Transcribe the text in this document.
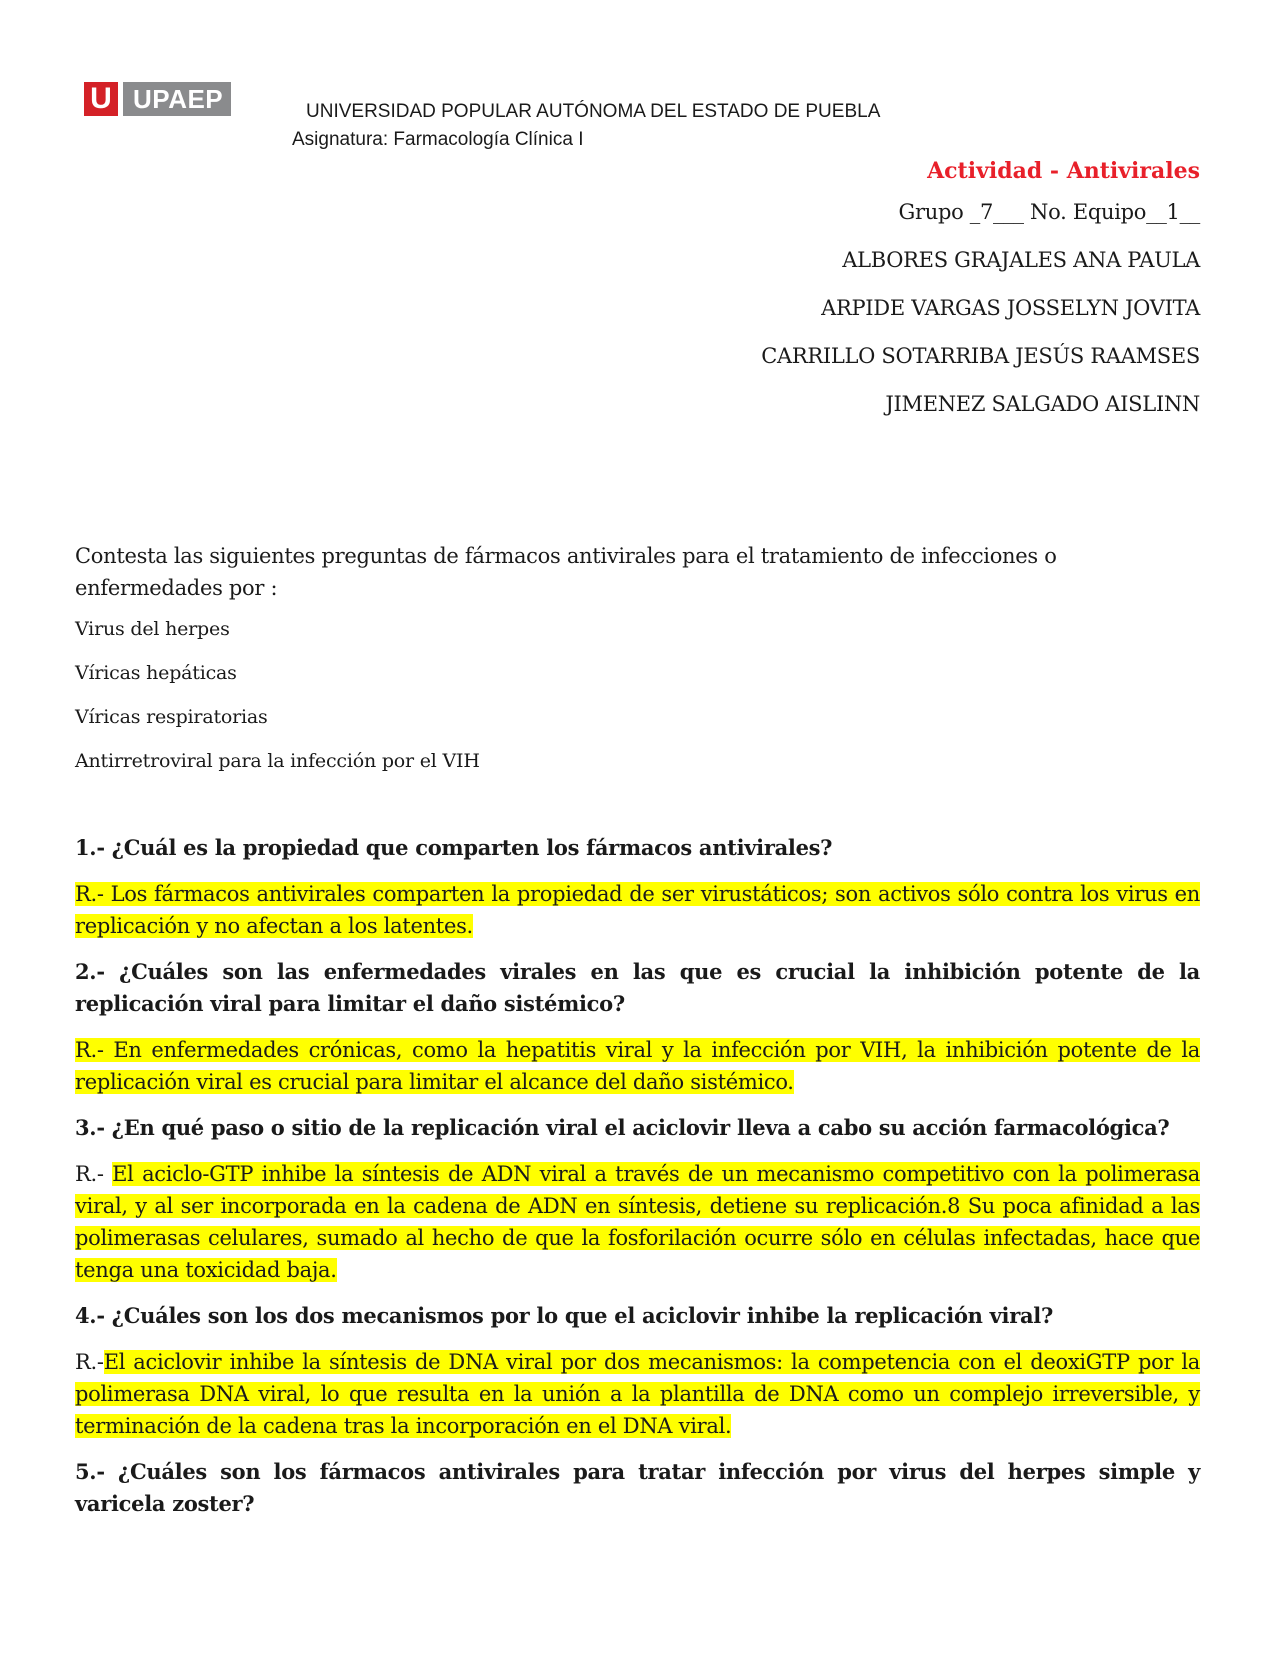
U UPAEP	UNIVERSIDAD POPULAR AUTÓNOMA DEL ESTADO DE PUEBLA
Asignatura: Farmacología Clínica I
Actividad - Antivirales
Grupo _7___ No. Equipo__1__
ALBORES GRAJALES ANA PAULA
ARPIDE VARGAS JOSSELYN JOVITA
CARRILLO SOTARRIBA JESÚS RAAMSES
JIMENEZ SALGADO AISLINN

Contesta las siguientes preguntas de fármacos antivirales para el tratamiento de infecciones o enfermedades por :

Virus del herpes

Víricas hepáticas

Víricas respiratorias

Antirretroviral para la infección por el VIH

1.- ¿Cuál es la propiedad que comparten los fármacos antivirales?

R.- Los fármacos antivirales comparten la propiedad de ser virustáticos; son activos sólo contra los virus en replicación y no afectan a los latentes.

2.- ¿Cuáles son las enfermedades virales en las que es crucial la inhibición potente de la replicación viral para limitar el daño sistémico?

R.- En enfermedades crónicas, como la hepatitis viral y la infección por VIH, la inhibición potente de la replicación viral es crucial para limitar el alcance del daño sistémico.

3.- ¿En qué paso o sitio de la replicación viral el aciclovir lleva a cabo su acción farmacológica?

R.- El aciclo-GTP inhibe la síntesis de ADN viral a través de un mecanismo competitivo con la polimerasa viral, y al ser incorporada en la cadena de ADN en síntesis, detiene su replicación.8 Su poca afinidad a las polimerasas celulares, sumado al hecho de que la fosforilación ocurre sólo en células infectadas, hace que tenga una toxicidad baja.

4.- ¿Cuáles son los dos mecanismos por lo que el aciclovir inhibe la replicación viral?

R.-El aciclovir inhibe la síntesis de DNA viral por dos mecanismos: la competencia con el deoxiGTP por la polimerasa DNA viral, lo que resulta en la unión a la plantilla de DNA como un complejo irreversible, y terminación de la cadena tras la incorporación en el DNA viral.

5.- ¿Cuáles son los fármacos antivirales para tratar infección por virus del herpes simple y varicela zoster?
